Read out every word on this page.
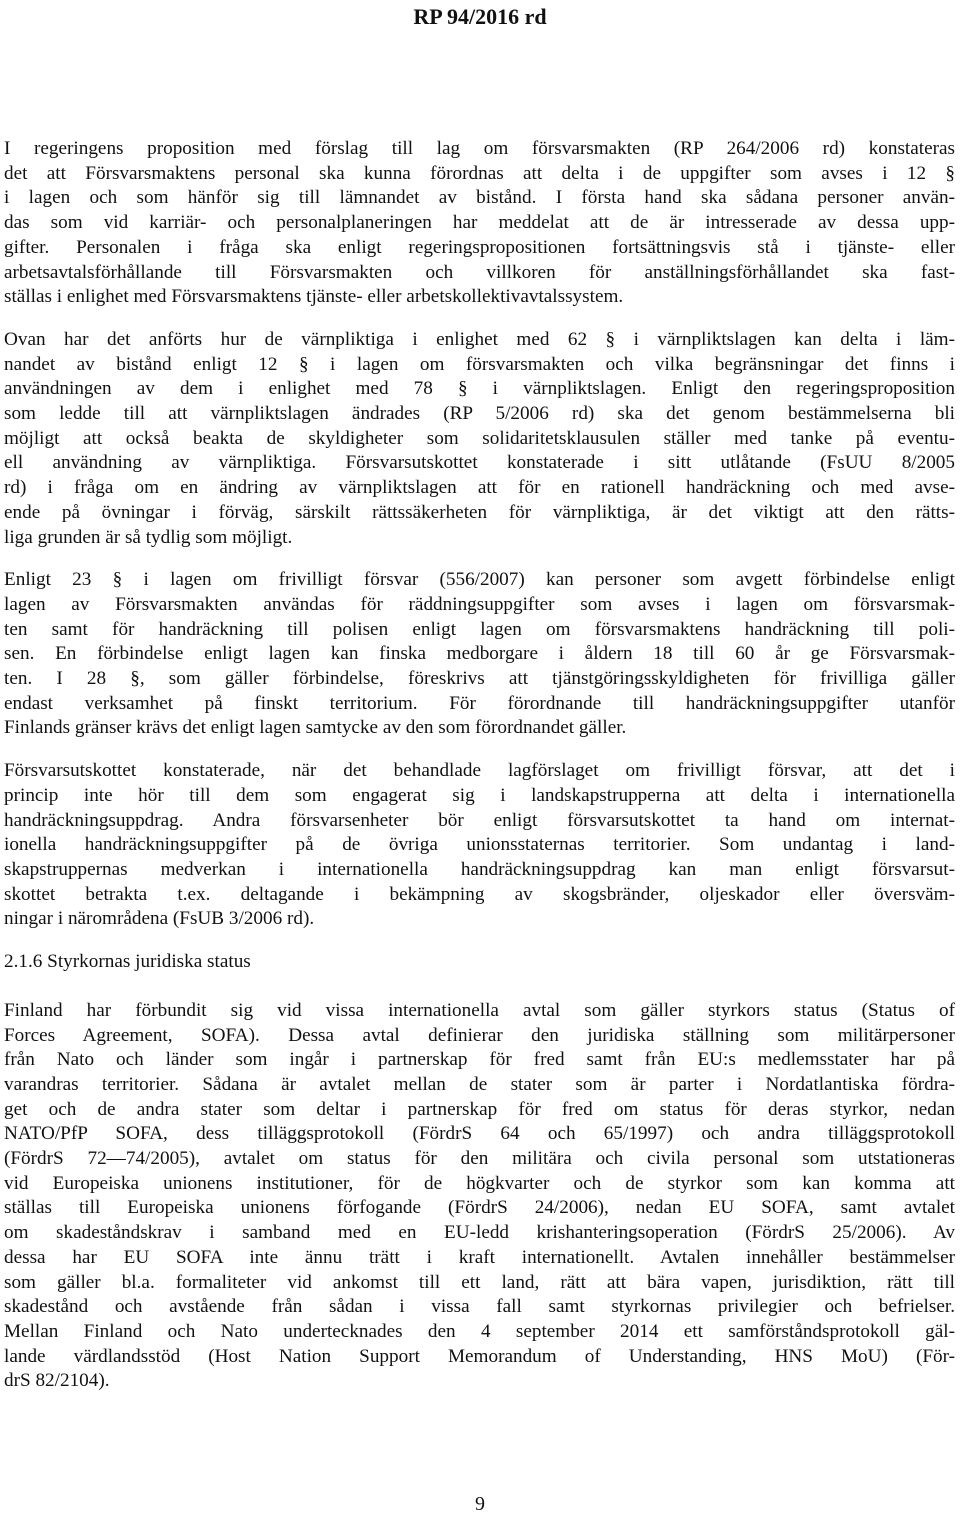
RP 94/2016 rd
I regeringens proposition med förslag till lag om försvarsmakten (RP 264/2006 rd) konstateras
det att Försvarsmaktens personal ska kunna förordnas att delta i de uppgifter som avses i 12 §
i lagen och som hänför sig till lämnandet av bistånd. I första hand ska sådana personer använ-
das som vid karriär- och personalplaneringen har meddelat att de är intresserade av dessa upp-
gifter. Personalen i fråga ska enligt regeringspropositionen fortsättningsvis stå i tjänste- eller
arbetsavtalsförhållande till Försvarsmakten och villkoren för anställningsförhållandet ska fast-
ställas i enlighet med Försvarsmaktens tjänste- eller arbetskollektivavtalssystem.
Ovan har det anförts hur de värnpliktiga i enlighet med 62 § i värnpliktslagen kan delta i läm-
nandet av bistånd enligt 12 § i lagen om försvarsmakten och vilka begränsningar det finns i
användningen av dem i enlighet med 78 § i värnpliktslagen. Enligt den regeringsproposition
som ledde till att värnpliktslagen ändrades (RP 5/2006 rd) ska det genom bestämmelserna bli
möjligt att också beakta de skyldigheter som solidaritetsklausulen ställer med tanke på eventu-
ell användning av värnpliktiga. Försvarsutskottet konstaterade i sitt utlåtande (FsUU 8/2005
rd) i fråga om en ändring av värnpliktslagen att för en rationell handräckning och med avse-
ende på övningar i förväg, särskilt rättssäkerheten för värnpliktiga, är det viktigt att den rätts-
liga grunden är så tydlig som möjligt.
Enligt 23 § i lagen om frivilligt försvar (556/2007) kan personer som avgett förbindelse enligt
lagen av Försvarsmakten användas för räddningsuppgifter som avses i lagen om försvarsmak-
ten samt för handräckning till polisen enligt lagen om försvarsmaktens handräckning till poli-
sen. En förbindelse enligt lagen kan finska medborgare i åldern 18 till 60 år ge Försvarsmak-
ten. I 28 §, som gäller förbindelse, föreskrivs att tjänstgöringsskyldigheten för frivilliga gäller
endast verksamhet på finskt territorium. För förordnande till handräckningsuppgifter utanför
Finlands gränser krävs det enligt lagen samtycke av den som förordnandet gäller.
Försvarsutskottet konstaterade, när det behandlade lagförslaget om frivilligt försvar, att det i
princip inte hör till dem som engagerat sig i landskapstrupperna att delta i internationella
handräckningsuppdrag. Andra försvarsenheter bör enligt försvarsutskottet ta hand om internat-
ionella handräckningsuppgifter på de övriga unionsstaternas territorier. Som undantag i land-
skapstruppernas medverkan i internationella handräckningsuppdrag kan man enligt försvarsut-
skottet betrakta t.ex. deltagande i bekämpning av skogsbränder, oljeskador eller översväm-
ningar i närområdena (FsUB 3/2006 rd).
2.1.6 Styrkornas juridiska status
Finland har förbundit sig vid vissa internationella avtal som gäller styrkors status (Status of
Forces Agreement, SOFA). Dessa avtal definierar den juridiska ställning som militärpersoner
från Nato och länder som ingår i partnerskap för fred samt från EU:s medlemsstater har på
varandras territorier. Sådana är avtalet mellan de stater som är parter i Nordatlantiska fördra-
get och de andra stater som deltar i partnerskap för fred om status för deras styrkor, nedan
NATO/PfP SOFA, dess tilläggsprotokoll (FördrS 64 och 65/1997) och andra tilläggsprotokoll
(FördrS 72—74/2005), avtalet om status för den militära och civila personal som utstationeras
vid Europeiska unionens institutioner, för de högkvarter och de styrkor som kan komma att
ställas till Europeiska unionens förfogande (FördrS 24/2006), nedan EU SOFA, samt avtalet
om skadeståndskrav i samband med en EU-ledd krishanteringsoperation (FördrS 25/2006). Av
dessa har EU SOFA inte ännu trätt i kraft internationellt. Avtalen innehåller bestämmelser
som gäller bl.a. formaliteter vid ankomst till ett land, rätt att bära vapen, jurisdiktion, rätt till
skadestånd och avstående från sådan i vissa fall samt styrkornas privilegier och befrielser.
Mellan Finland och Nato undertecknades den 4 september 2014 ett samförståndsprotokoll gäl-
lande värdlandsstöd (Host Nation Support Memorandum of Understanding, HNS MoU) (För-
drS 82/2104).
9
